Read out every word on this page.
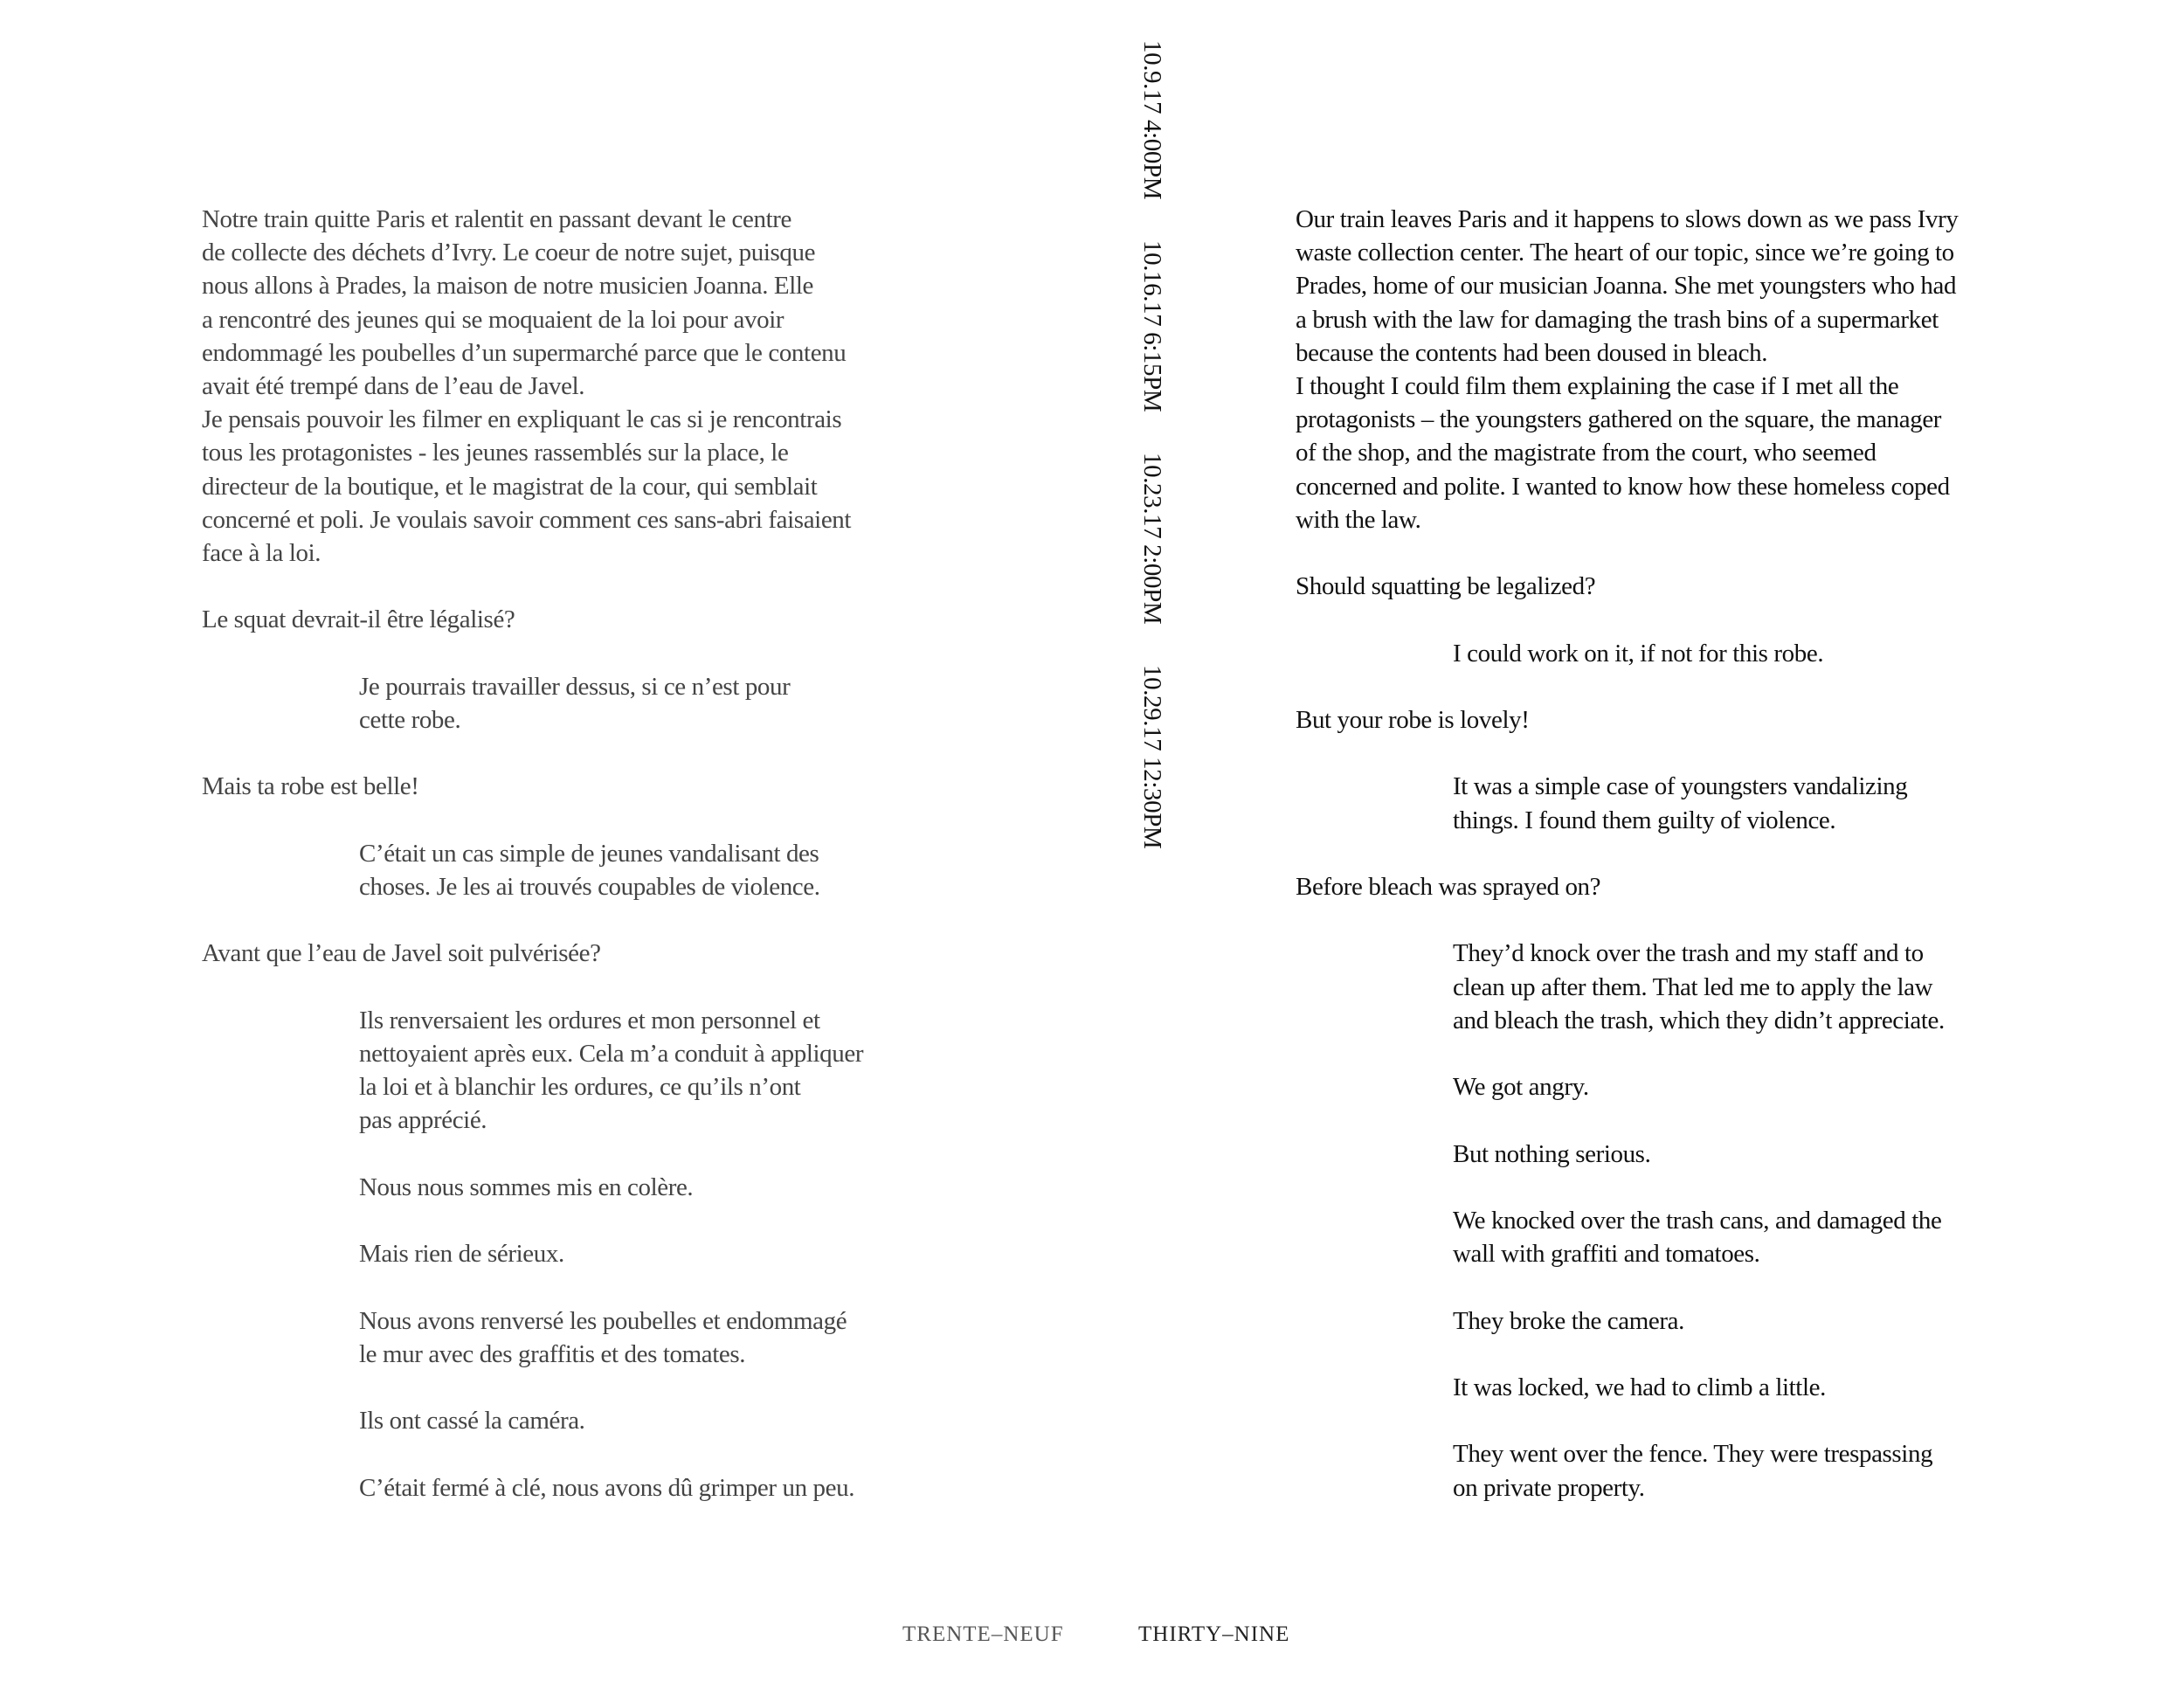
Notre train quitte Paris et ralentit en passant devant le centre
de collecte des déchets d’Ivry. Le coeur de notre sujet, puisque
nous allons à Prades, la maison de notre musicien Joanna. Elle
a rencontré des jeunes qui se moquaient de la loi pour avoir
endommagé les poubelles d’un supermarché parce que le contenu
avait été trempé dans de l’eau de Javel.
Je pensais pouvoir les filmer en expliquant le cas si je rencontrais
tous les protagonistes - les jeunes rassemblés sur la place, le
directeur de la boutique, et le magistrat de la cour, qui semblait
concerné et poli. Je voulais savoir comment ces sans-abri faisaient
face à la loi.

Le squat devrait-il être légalisé?

Je pourrais travailler dessus, si ce n’est pour
cette robe.

Mais ta robe est belle!

C’était un cas simple de jeunes vandalisant des
choses. Je les ai trouvés coupables de violence.

Avant que l’eau de Javel soit pulvérisée?

Ils renversaient les ordures et mon personnel et
nettoyaient après eux. Cela m’a conduit à appliquer
la loi et à blanchir les ordures, ce qu’ils n’ont
pas apprécié.

Nous nous sommes mis en colère.

Mais rien de sérieux.

Nous avons renversé les poubelles et endommagé
le mur avec des graffitis et des tomates.

Ils ont cassé la caméra.

C’était fermé à clé, nous avons dû grimper un peu.

10.9.17 4:00PM 10.16.17 6:15PM 10.23.17 2:00PM 10.29.17 12:30PM

Our train leaves Paris and it happens to slows down as we pass Ivry
waste collection center. The heart of our topic, since we’re going to
Prades, home of our musician Joanna. She met youngsters who had
a brush with the law for damaging the trash bins of a supermarket
because the contents had been doused in bleach.
I thought I could film them explaining the case if I met all the
protagonists – the youngsters gathered on the square, the manager
of the shop, and the magistrate from the court, who seemed
concerned and polite. I wanted to know how these homeless coped
with the law.

Should squatting be legalized?

I could work on it, if not for this robe.

But your robe is lovely!

It was a simple case of youngsters vandalizing
things. I found them guilty of violence.

Before bleach was sprayed on?

They’d knock over the trash and my staff and to
clean up after them. That led me to apply the law
and bleach the trash, which they didn’t appreciate.

We got angry.

But nothing serious.

We knocked over the trash cans, and damaged the
wall with graffiti and tomatoes.

They broke the camera.

It was locked, we had to climb a little.

They went over the fence. They were trespassing
on private property.

TRENTE–NEUF	THIRTY–NINE
